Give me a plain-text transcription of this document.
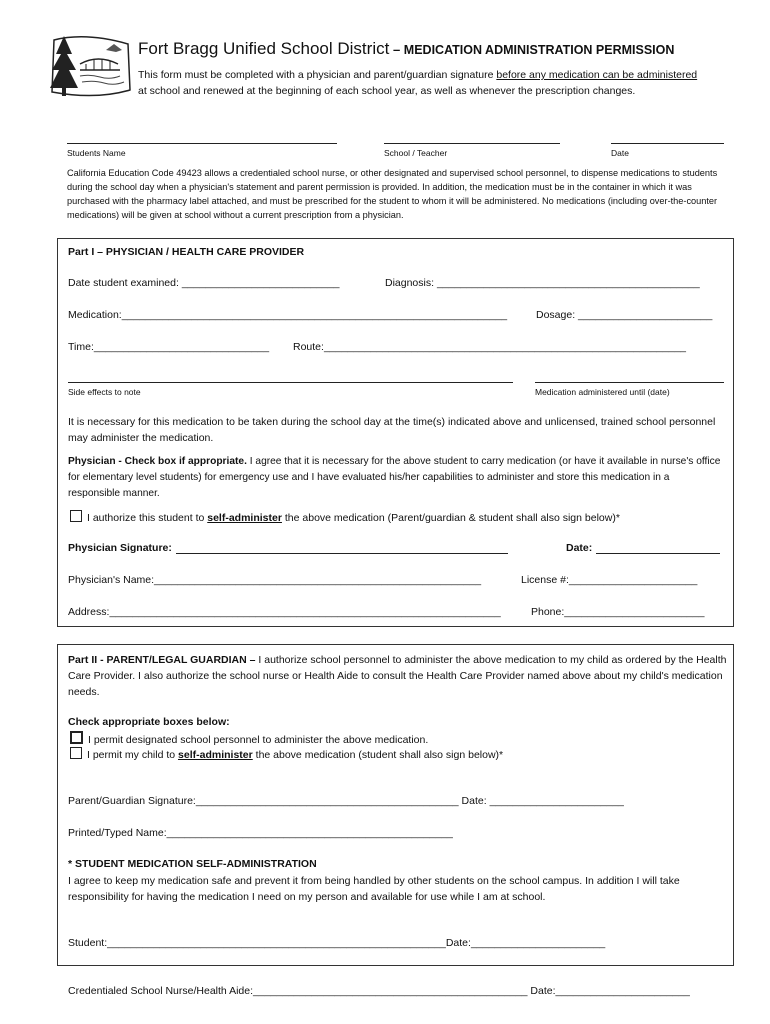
Fort Bragg Unified School District – MEDICATION ADMINISTRATION PERMISSION
This form must be completed with a physician and parent/guardian signature before any medication can be administered
at school and renewed at the beginning of each school year, as well as whenever the prescription changes.
Students Name	School / Teacher	Date
California Education Code 49423 allows a credentialed school nurse, or other designated and supervised school personnel, to dispense medications to students during the school day when a physician's statement and parent permission is provided. In addition, the medication must be in the container in which it was purchased with the pharmacy label attached, and must be prescribed for the student to whom it will be administered. No medications (including over-the-counter medications) will be given at school without a current prescription from a physician.
Part I – PHYSICIAN / HEALTH CARE PROVIDER
Date student examined: ___________________________	Diagnosis: _____________________________________________
Medication:__________________________________________________________________	Dosage: _______________________
Time:______________________________ Route:______________________________________________________________
Side effects to note	Medication administered until (date)
It is necessary for this medication to be taken during the school day at the time(s) indicated above and unlicensed, trained school personnel may administer the medication.
Physician - Check box if appropriate. I agree that it is necessary for the above student to carry medication (or have it available in nurse's office for elementary level students) for emergency use and I have evaluated his/her capabilities to administer and store this medication in a responsible manner.
I authorize this student to self-administer the above medication (Parent/guardian & student shall also sign below)*
Physician Signature:	Date:
Physician's Name:________________________________________________________	License #:______________________
Address:___________________________________________________________________	Phone:________________________
Part II - PARENT/LEGAL GUARDIAN – I authorize school personnel to administer the above medication to my child as ordered by the Health Care Provider. I also authorize the school nurse or Health Aide to consult the Health Care Provider named above about my child's medication needs.
Check appropriate boxes below:
I permit designated school personnel to administer the above medication.
I permit my child to self-administer the above medication (student shall also sign below)*
Parent/Guardian Signature:_____________________________________________ Date: _______________________
Printed/Typed Name:_________________________________________________
* STUDENT MEDICATION SELF-ADMINISTRATION
I agree to keep my medication safe and prevent it from being handled by other students on the school campus. In addition I will take responsibility for having the medication I need on my person and available for use while I am at school.
Student:__________________________________________________________Date:_______________________
Credentialed School Nurse/Health Aide:_______________________________________________ Date:_______________________
